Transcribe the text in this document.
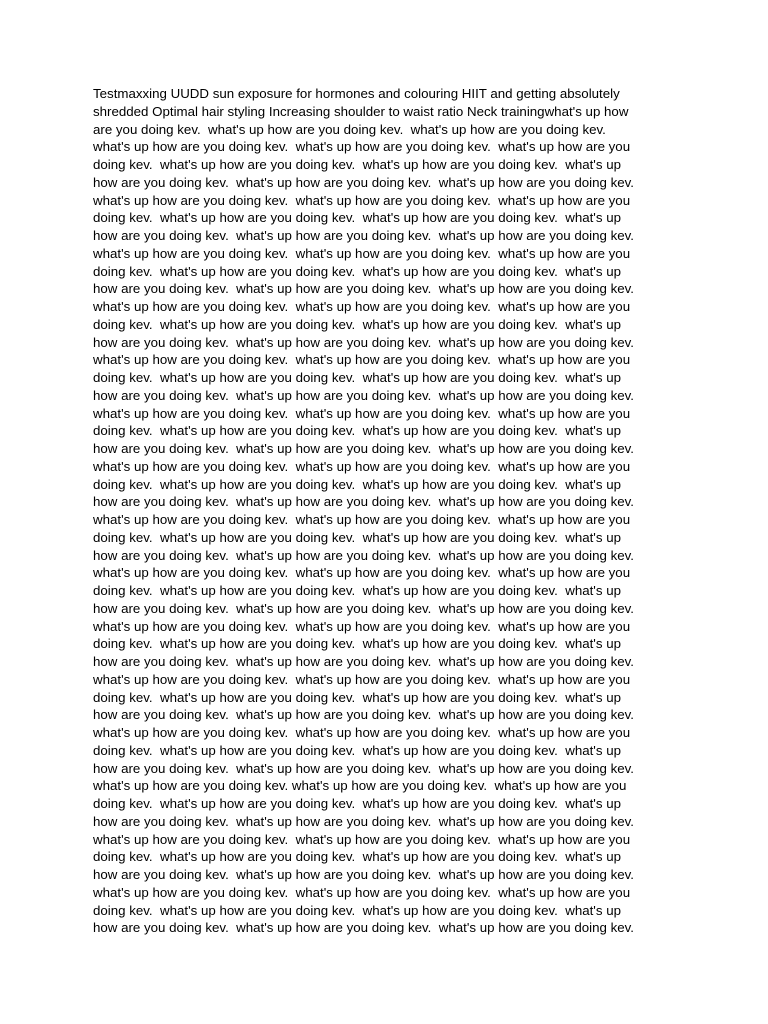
Testmaxxing UUDD sun exposure for hormones and colouring HIIT and getting absolutely
shredded Optimal hair styling Increasing shoulder to waist ratio Neck trainingwhat's up how
are you doing kev.  what's up how are you doing kev.  what's up how are you doing kev.
what's up how are you doing kev.  what's up how are you doing kev.  what's up how are you
doing kev.  what's up how are you doing kev.  what's up how are you doing kev.  what's up
how are you doing kev.  what's up how are you doing kev.  what's up how are you doing kev.
what's up how are you doing kev.  what's up how are you doing kev.  what's up how are you
doing kev.  what's up how are you doing kev.  what's up how are you doing kev.  what's up
how are you doing kev.  what's up how are you doing kev.  what's up how are you doing kev.
what's up how are you doing kev.  what's up how are you doing kev.  what's up how are you
doing kev.  what's up how are you doing kev.  what's up how are you doing kev.  what's up
how are you doing kev.  what's up how are you doing kev.  what's up how are you doing kev.
what's up how are you doing kev.  what's up how are you doing kev.  what's up how are you
doing kev.  what's up how are you doing kev.  what's up how are you doing kev.  what's up
how are you doing kev.  what's up how are you doing kev.  what's up how are you doing kev.
what's up how are you doing kev.  what's up how are you doing kev.  what's up how are you
doing kev.  what's up how are you doing kev.  what's up how are you doing kev.  what's up
how are you doing kev.  what's up how are you doing kev.  what's up how are you doing kev.
what's up how are you doing kev.  what's up how are you doing kev.  what's up how are you
doing kev.  what's up how are you doing kev.  what's up how are you doing kev.  what's up
how are you doing kev.  what's up how are you doing kev.  what's up how are you doing kev.
what's up how are you doing kev.  what's up how are you doing kev.  what's up how are you
doing kev.  what's up how are you doing kev.  what's up how are you doing kev.  what's up
how are you doing kev.  what's up how are you doing kev.  what's up how are you doing kev.
what's up how are you doing kev.  what's up how are you doing kev.  what's up how are you
doing kev.  what's up how are you doing kev.  what's up how are you doing kev.  what's up
how are you doing kev.  what's up how are you doing kev.  what's up how are you doing kev.
what's up how are you doing kev.  what's up how are you doing kev.  what's up how are you
doing kev.  what's up how are you doing kev.  what's up how are you doing kev.  what's up
how are you doing kev.  what's up how are you doing kev.  what's up how are you doing kev.
what's up how are you doing kev.  what's up how are you doing kev.  what's up how are you
doing kev.  what's up how are you doing kev.  what's up how are you doing kev.  what's up
how are you doing kev.  what's up how are you doing kev.  what's up how are you doing kev.
what's up how are you doing kev.  what's up how are you doing kev.  what's up how are you
doing kev.  what's up how are you doing kev.  what's up how are you doing kev.  what's up
how are you doing kev.  what's up how are you doing kev.  what's up how are you doing kev.
what's up how are you doing kev.  what's up how are you doing kev.  what's up how are you
doing kev.  what's up how are you doing kev.  what's up how are you doing kev.  what's up
how are you doing kev.  what's up how are you doing kev.  what's up how are you doing kev.
what's up how are you doing kev. what's up how are you doing kev.  what's up how are you
doing kev.  what's up how are you doing kev.  what's up how are you doing kev.  what's up
how are you doing kev.  what's up how are you doing kev.  what's up how are you doing kev.
what's up how are you doing kev.  what's up how are you doing kev.  what's up how are you
doing kev.  what's up how are you doing kev.  what's up how are you doing kev.  what's up
how are you doing kev.  what's up how are you doing kev.  what's up how are you doing kev.
what's up how are you doing kev.  what's up how are you doing kev.  what's up how are you
doing kev.  what's up how are you doing kev.  what's up how are you doing kev.  what's up
how are you doing kev.  what's up how are you doing kev.  what's up how are you doing kev.
